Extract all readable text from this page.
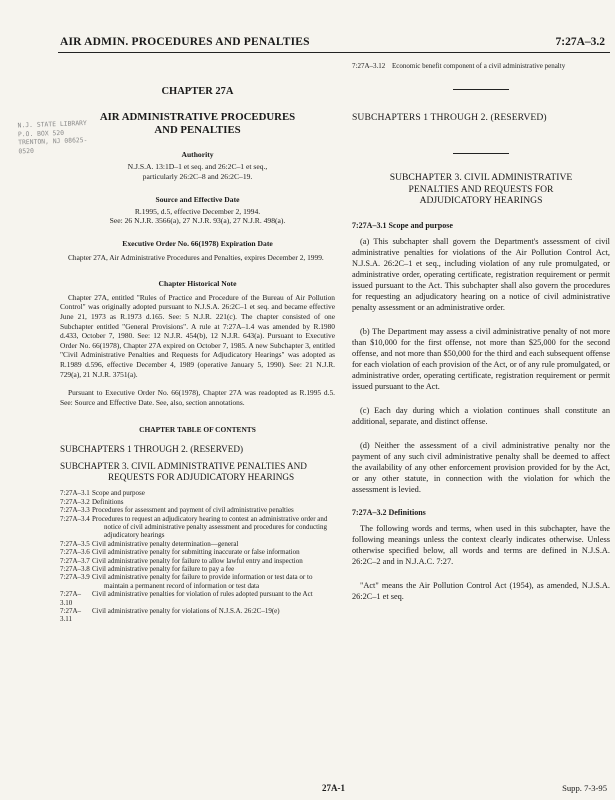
AIR ADMIN. PROCEDURES AND PENALTIES	7:27A–3.2
N.J. STATE LIBRARY
P.O. BOX 520
TRENTON, NJ 08625-0520
CHAPTER 27A
AIR ADMINISTRATIVE PROCEDURES
AND PENALTIES
Authority
N.J.S.A. 13:1D–1 et seq. and 26:2C–1 et seq.,
particularly 26:2C–8 and 26:2C–19.
Source and Effective Date
R.1995, d.5, effective December 2, 1994.
See: 26 N.J.R. 3566(a), 27 N.J.R. 93(a), 27 N.J.R. 498(a).
Executive Order No. 66(1978) Expiration Date
Chapter 27A, Air Administrative Procedures and Penalties, expires December 2, 1999.
Chapter Historical Note
Chapter 27A, entitled "Rules of Practice and Procedure of the Bureau of Air Pollution Control" was originally adopted pursuant to N.J.S.A. 26:2C–1 et seq. and became effective June 21, 1973 as R.1973 d.165. See: 5 N.J.R. 221(c). The chapter consisted of one Subchapter entitled "General Provisions". A rule at 7:27A–1.4 was amended by R.1980 d.433, October 7, 1980. See: 12 N.J.R. 454(b), 12 N.J.R. 643(a). Pursuant to Executive Order No. 66(1978), Chapter 27A expired on October 7, 1985. A new Subchapter 3, entitled "Civil Administrative Penalties and Requests for Adjudicatory Hearings" was adopted as R.1989 d.596, effective December 4, 1989 (operative January 5, 1990). See: 21 N.J.R. 729(a), 21 N.J.R. 3751(a).
Pursuant to Executive Order No. 66(1978), Chapter 27A was readopted as R.1995 d.5. See: Source and Effective Date. See, also, section annotations.
CHAPTER TABLE OF CONTENTS
SUBCHAPTERS 1 THROUGH 2. (RESERVED)
SUBCHAPTER 3. CIVIL ADMINISTRATIVE PENALTIES AND REQUESTS FOR ADJUDICATORY HEARINGS
7:27A–3.1 Scope and purpose
7:27A–3.2 Definitions
7:27A–3.3 Procedures for assessment and payment of civil administrative penalties
7:27A–3.4 Procedures to request an adjudicatory hearing to contest an administrative order and notice of civil administrative penalty assessment and procedures for conducting adjudicatory hearings
7:27A–3.5 Civil administrative penalty determination—general
7:27A–3.6 Civil administrative penalty for submitting inaccurate or false information
7:27A–3.7 Civil administrative penalty for failure to allow lawful entry and inspection
7:27A–3.8 Civil administrative penalty for failure to pay a fee
7:27A–3.9 Civil administrative penalty for failure to provide information or test data or to maintain a permanent record of information or test data
7:27A–3.10
Civil administrative penalties for violation of rules adopted pursuant to the Act
7:27A–3.11
Civil administrative penalty for violations of N.J.S.A. 26:2C–19(e)
7:27A–3.12 Economic benefit component of a civil administrative penalty
SUBCHAPTERS 1 THROUGH 2. (RESERVED)
SUBCHAPTER 3. CIVIL ADMINISTRATIVE
PENALTIES AND REQUESTS FOR
ADJUDICATORY HEARINGS
7:27A–3.1 Scope and purpose
(a) This subchapter shall govern the Department's assessment of civil administrative penalties for violations of the Air Pollution Control Act, N.J.S.A. 26:2C–1 et seq., including violation of any rule promulgated, or administrative order, operating certificate, registration requirement or permit issued pursuant to the Act. This subchapter shall also govern the procedures for requesting an adjudicatory hearing on a notice of civil administrative penalty assessment or an administrative order.
(b) The Department may assess a civil administrative penalty of not more than $10,000 for the first offense, not more than $25,000 for the second offense, and not more than $50,000 for the third and each subsequent offense for each violation of each provision of the Act, or of any rule promulgated, or administrative order, operating certificate, registration requirement or permit issued pursuant to the Act.
(c) Each day during which a violation continues shall constitute an additional, separate, and distinct offense.
(d) Neither the assessment of a civil administrative penalty nor the payment of any such civil administrative penalty shall be deemed to affect the availability of any other enforcement provision provided for by the Act, or any other statute, in connection with the violation for which the assessment is levied.
7:27A–3.2 Definitions
The following words and terms, when used in this subchapter, have the following meanings unless the context clearly indicates otherwise. Unless otherwise specified below, all words and terms are defined in N.J.S.A. 26:2C–2 and in N.J.A.C. 7:27.
"Act" means the Air Pollution Control Act (1954), as amended, N.J.S.A. 26:2C–1 et seq.
27A-1	Supp. 7-3-95
